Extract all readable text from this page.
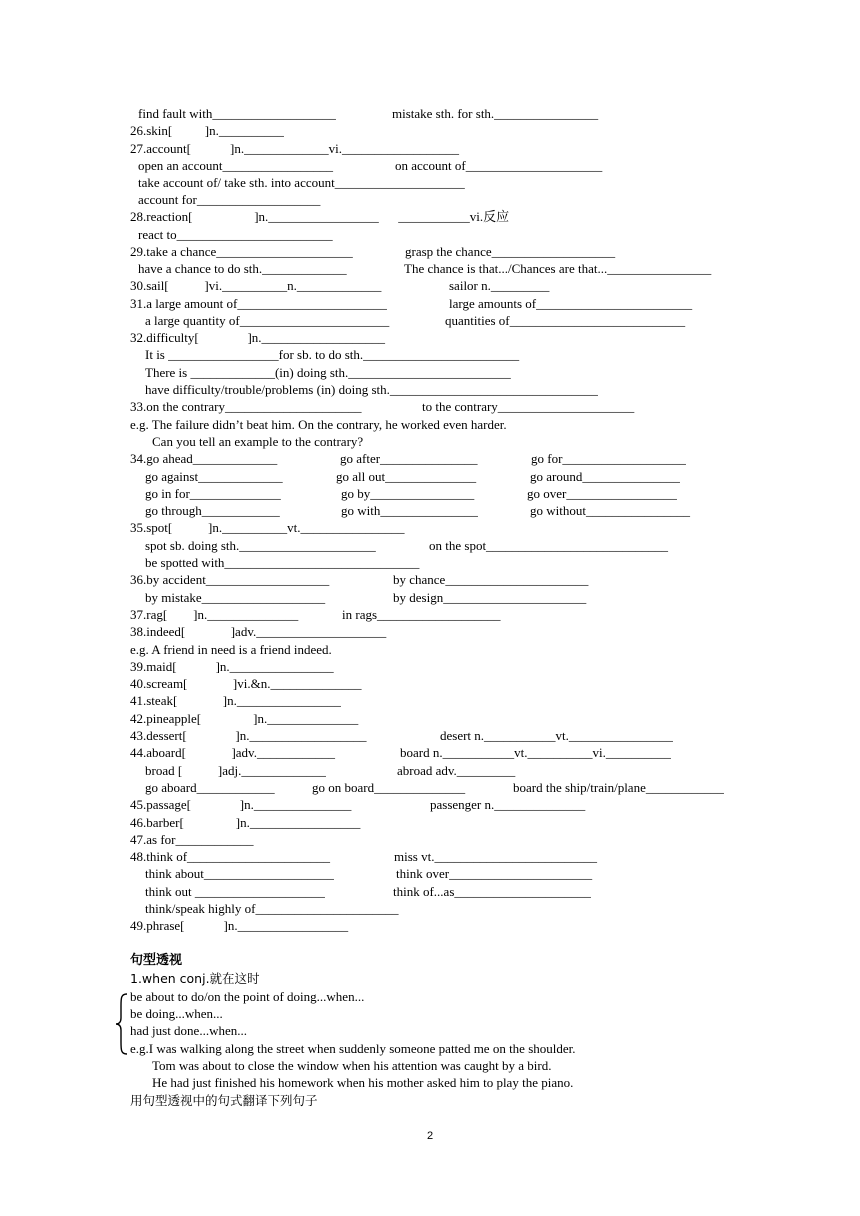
find fault with___________________	mistake sth. for sth.________________
26.skin[          ]n.__________
27.account[            ]n._____________vi.__________________
open an account_________________	on account of_____________________
take account of/ take sth. into account____________________
account for___________________
28.reaction[                   ]n._________________      ___________vi.反应
react to________________________
29.take a chance_____________________	grasp the chance___________________
have a chance to do sth._____________	The chance is that.../Chances are that...________________
30.sail[           ]vi.__________n._____________	sailor n._________
31.a large amount of_______________________	large amounts of________________________
a large quantity of_______________________	quantities of___________________________
32.difficulty[               ]n.___________________
It is _________________for sb. to do sth.________________________
There is _____________(in) doing sth._________________________
have difficulty/trouble/problems (in) doing sth.________________________________
33.on the contrary_____________________	to the contrary_____________________
e.g. The failure didn’t beat him. On the contrary, he worked even harder.
Can you tell an example to the contrary?
34.go ahead_____________	go after_______________	go for___________________
go against_____________	go all out______________	go around_______________
go in for______________	go by________________	go over_________________
go through____________	go with_______________	go without________________
35.spot[           ]n.__________vt.________________
spot sb. doing sth._____________________	on the spot____________________________
be spotted with______________________________
36.by accident___________________	by chance______________________
by mistake___________________	by design______________________
37.rag[        ]n.______________	in rags___________________
38.indeed[              ]adv.____________________
e.g. A friend in need is a friend indeed.
39.maid[            ]n.________________
40.scream[              ]vi.&n.______________
41.steak[              ]n.________________
42.pineapple[                ]n.______________
43.dessert[               ]n.__________________	desert n.___________vt.________________
44.aboard[              ]adv.____________	board n.___________vt.__________vi.__________
broad [           ]adj._____________	abroad adv._________
go aboard____________	go on board______________	board the ship/train/plane____________
45.passage[               ]n._______________	passenger n.______________
46.barber[                ]n._________________
47.as for____________
48.think of______________________	miss vt._________________________
think about____________________	think over______________________
think out ____________________	think of...as_____________________
think/speak highly of______________________
49.phrase[            ]n._________________
句型透视
1.when conj.就在这时
be about to do/on the point of doing...when...
be doing...when...
had just done...when...
e.g.I was walking along the street when suddenly someone patted me on the shoulder.
Tom was about to close the window when his attention was caught by a bird.
He had just finished his homework when his mother asked him to play the piano.
用句型透视中的句式翻译下列句子
2
